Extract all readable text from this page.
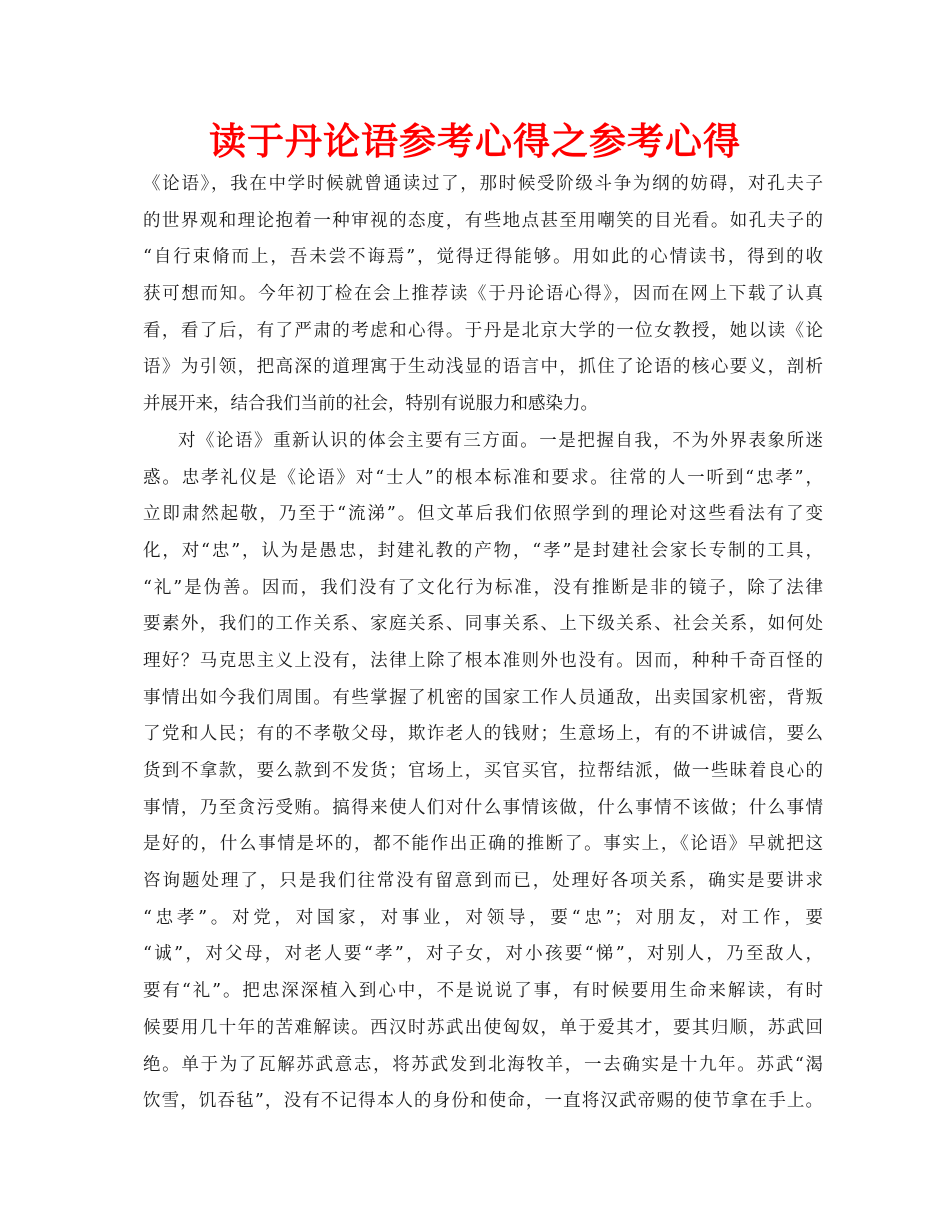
读于丹论语参考心得之参考心得
《论语》，我在中学时候就曾通读过了，那时候受阶级斗争为纲的妨碍，对孔夫子
的世界观和理论抱着一种审视的态度，有些地点甚至用嘲笑的目光看。如孔夫子的
“自行束脩而上，吾未尝不诲焉”，觉得迂得能够。用如此的心情读书，得到的收
获可想而知。今年初丁检在会上推荐读《于丹论语心得》，因而在网上下载了认真
看，看了后，有了严肃的考虑和心得。于丹是北京大学的一位女教授，她以读《论
语》为引领，把高深的道理寓于生动浅显的语言中，抓住了论语的核心要义，剖析
并展开来，结合我们当前的社会，特别有说服力和感染力。
对《论语》重新认识的体会主要有三方面。一是把握自我，不为外界表象所迷
惑。忠孝礼仪是《论语》对“士人”的根本标准和要求。往常的人一听到“忠孝”，
立即肃然起敬，乃至于“流涕”。但文革后我们依照学到的理论对这些看法有了变
化，对“忠”，认为是愚忠，封建礼教的产物，“孝”是封建社会家长专制的工具，
“礼”是伪善。因而，我们没有了文化行为标准，没有推断是非的镜子，除了法律
要素外，我们的工作关系、家庭关系、同事关系、上下级关系、社会关系，如何处
理好？马克思主义上没有，法律上除了根本准则外也没有。因而，种种千奇百怪的
事情出如今我们周围。有些掌握了机密的国家工作人员通敌，出卖国家机密，背叛
了党和人民；有的不孝敬父母，欺诈老人的钱财；生意场上，有的不讲诚信，要么
货到不拿款，要么款到不发货；官场上，买官买官，拉帮结派，做一些昧着良心的
事情，乃至贪污受贿。搞得来使人们对什么事情该做，什么事情不该做；什么事情
是好的，什么事情是坏的，都不能作出正确的推断了。事实上，《论语》早就把这
咨询题处理了，只是我们往常没有留意到而已，处理好各项关系，确实是要讲求
“忠孝”。对党，对国家，对事业，对领导，要“忠”；对朋友，对工作，要
“诚”，对父母，对老人要“孝”，对子女，对小孩要“悌”，对别人，乃至敌人，
要有“礼”。把忠深深植入到心中，不是说说了事，有时候要用生命来解读，有时
候要用几十年的苦难解读。西汉时苏武出使匈奴，单于爱其才，要其归顺，苏武回
绝。单于为了瓦解苏武意志，将苏武发到北海牧羊，一去确实是十九年。苏武“渴
饮雪，饥吞毡”，没有不记得本人的身份和使命，一直将汉武帝赐的使节拿在手上。
